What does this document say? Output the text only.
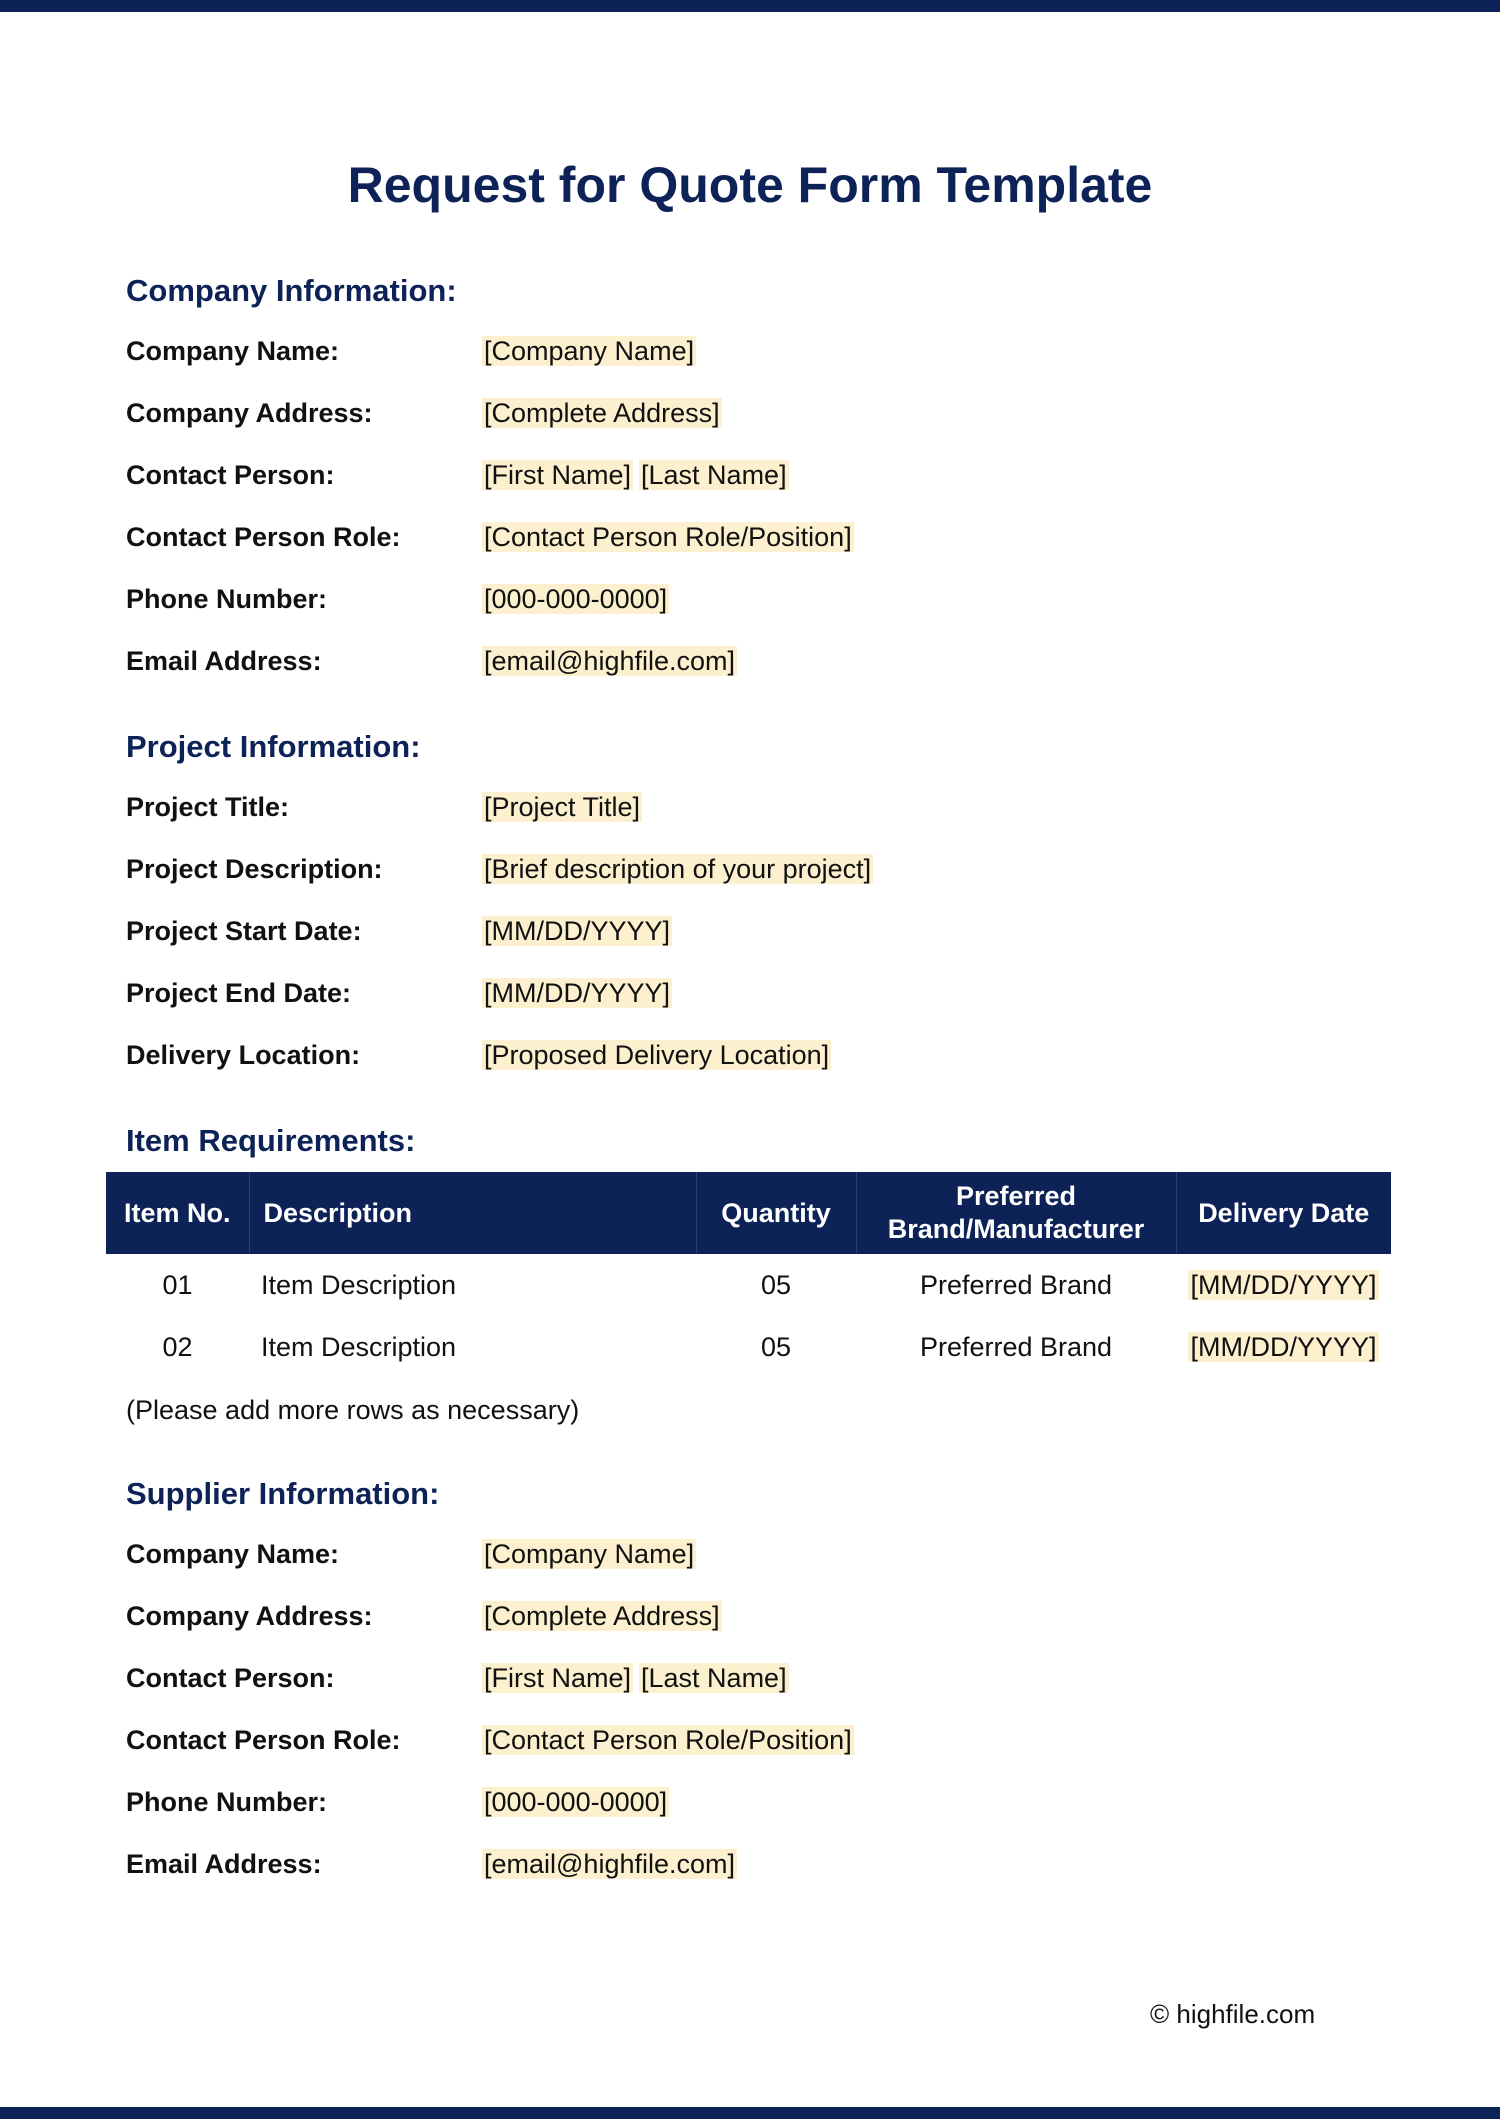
Request for Quote Form Template
Company Information:
Company Name:	[Company Name]
Company Address:	[Complete Address]
Contact Person:	[First Name] [Last Name]
Contact Person Role:	[Contact Person Role/Position]
Phone Number:	[000-000-0000]
Email Address:	[email@highfile.com]
Project Information:
Project Title:	[Project Title]
Project Description:	[Brief description of your project]
Project Start Date:	[MM/DD/YYYY]
Project End Date:	[MM/DD/YYYY]
Delivery Location:	[Proposed Delivery Location]
Item Requirements:
Item No.	Description	Quantity	Preferred Brand/Manufacturer	Delivery Date
01	Item Description	05	Preferred Brand	[MM/DD/YYYY]
02	Item Description	05	Preferred Brand	[MM/DD/YYYY]
(Please add more rows as necessary)
Supplier Information:
Company Name:	[Company Name]
Company Address:	[Complete Address]
Contact Person:	[First Name] [Last Name]
Contact Person Role:	[Contact Person Role/Position]
Phone Number:	[000-000-0000]
Email Address:	[email@highfile.com]
© highfile.com
